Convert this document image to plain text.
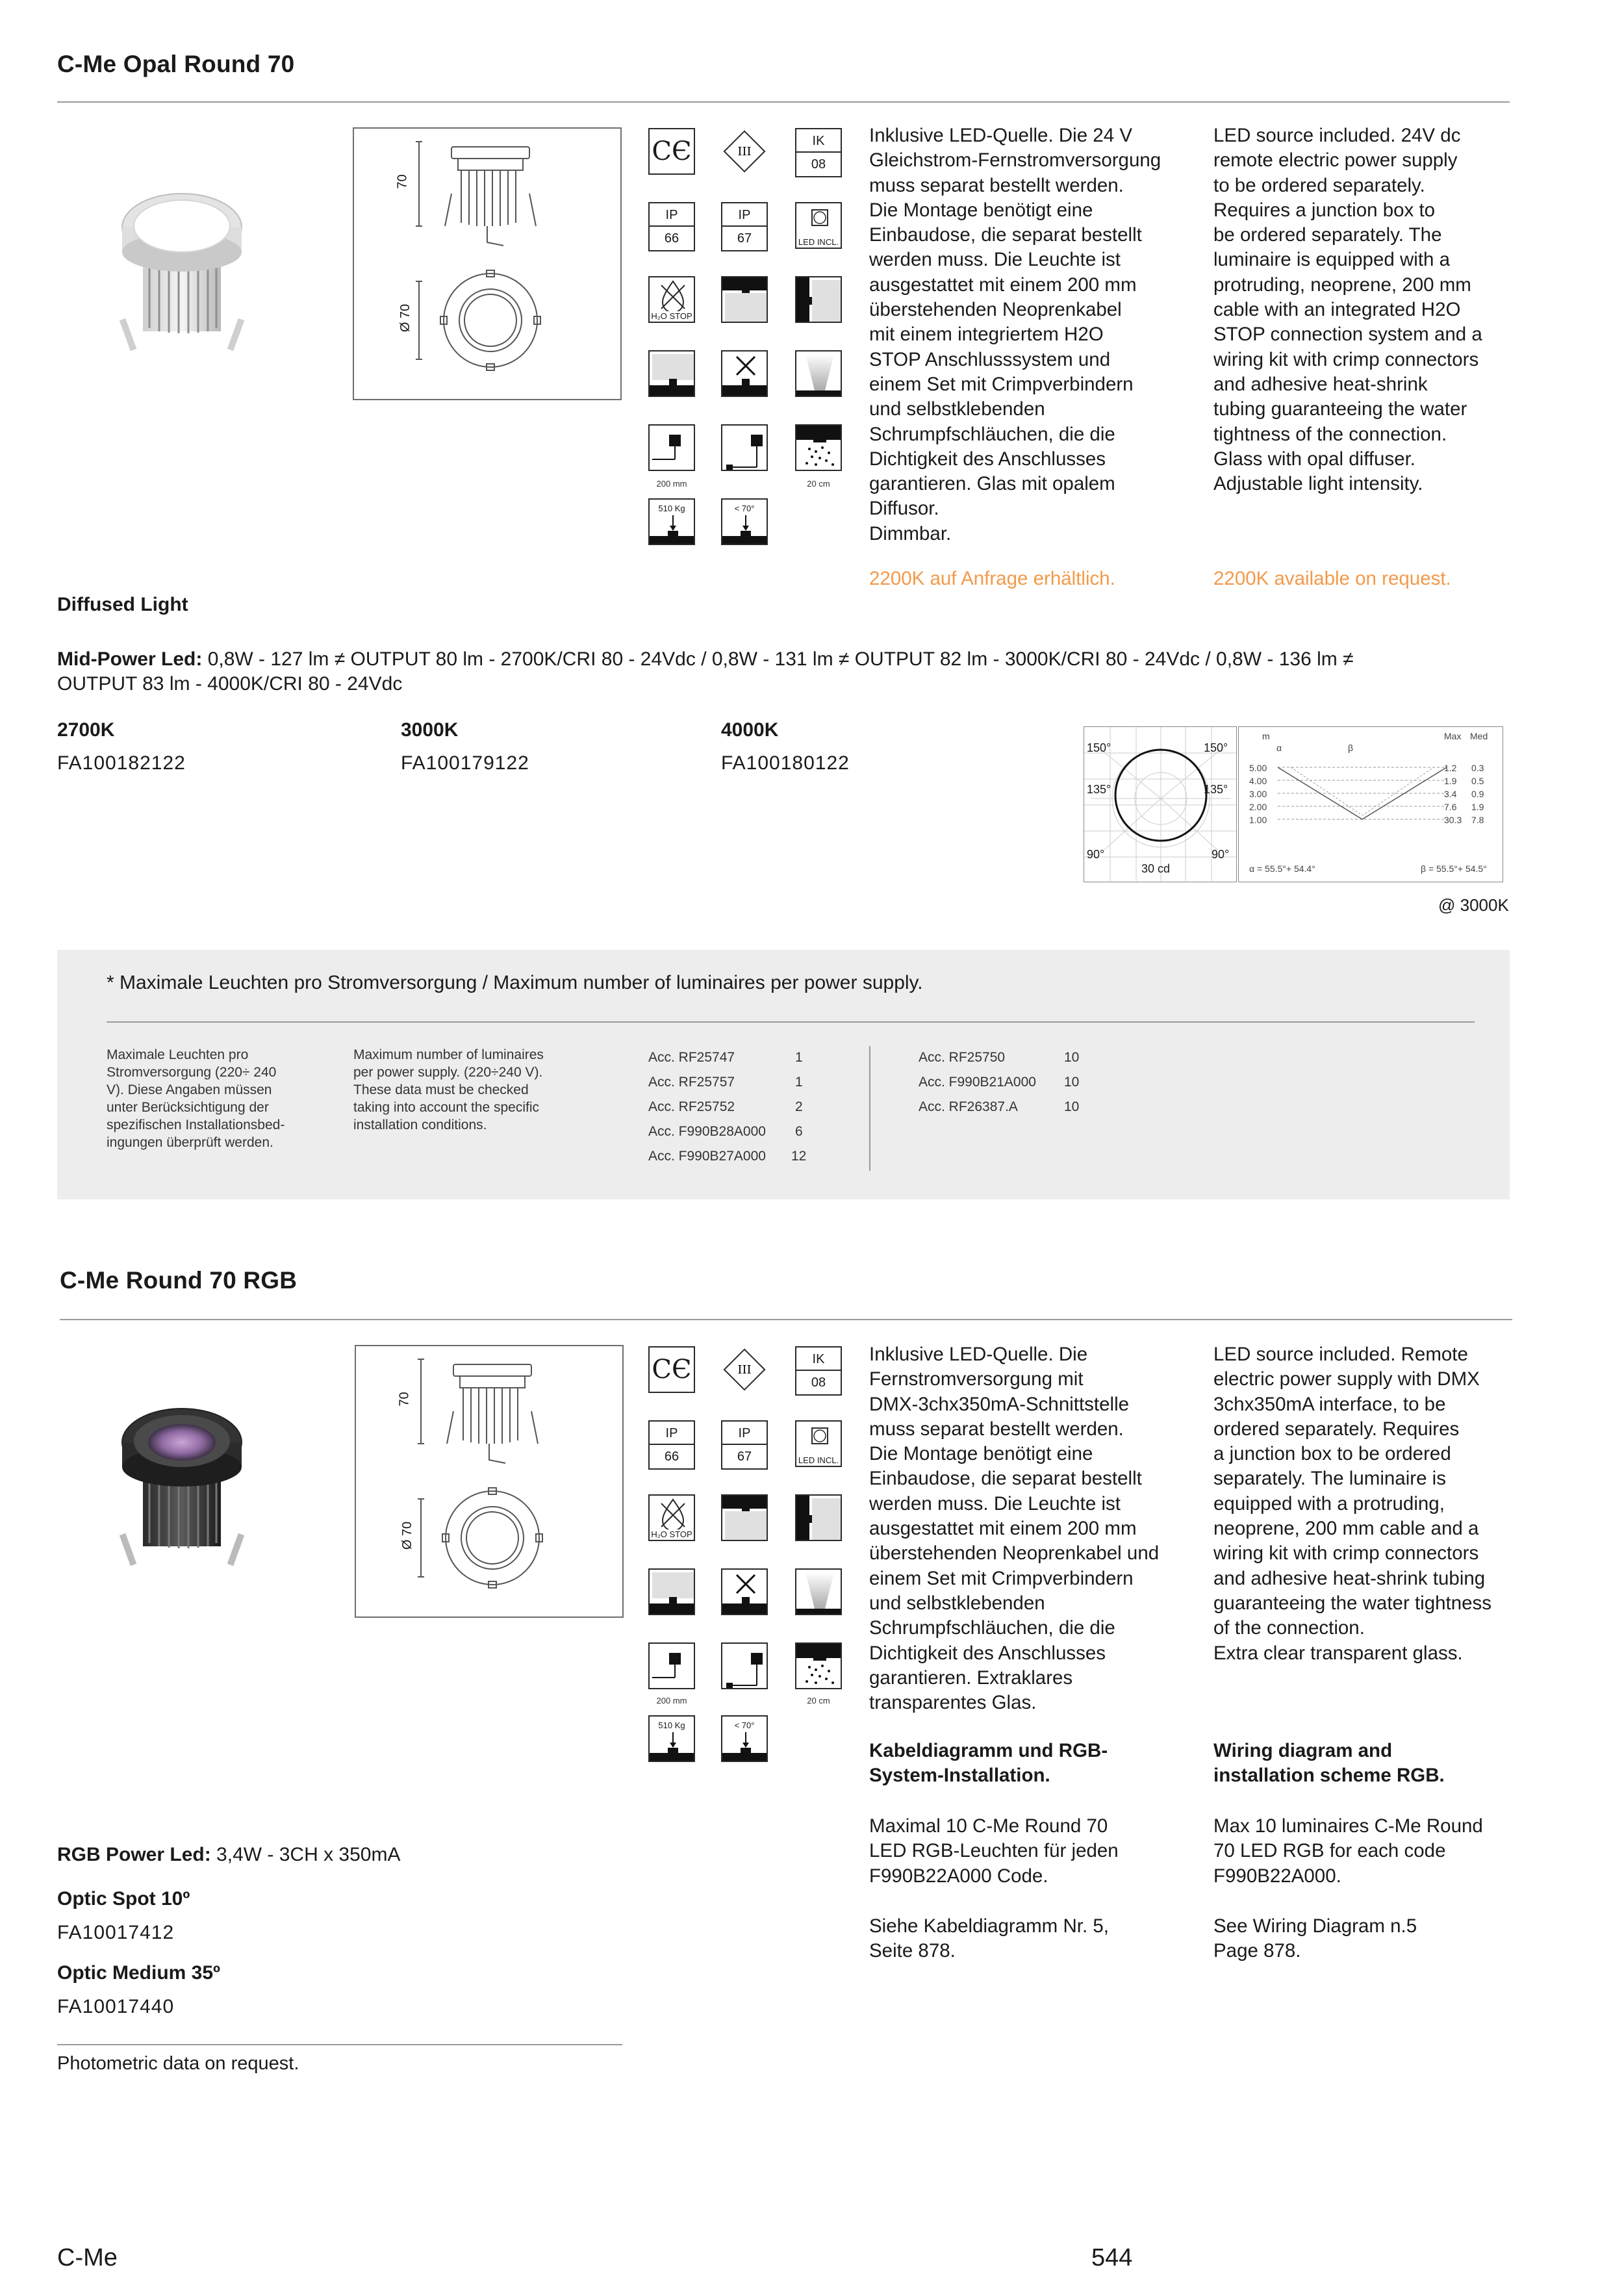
C-Me Opal Round 70
70
Ø 70
CЄ	III
IK
08
IP
66
IP
67	LED INCL.
H₂O STOP
200 mm	20 cm
510 Kg	< 70°
Inklusive LED-Quelle. Die 24 V
Gleichstrom-Fernstromversorgung
muss separat bestellt werden.
Die Montage benötigt eine
Einbaudose, die separat bestellt
werden muss. Die Leuchte ist
ausgestattet mit einem 200 mm
überstehenden Neoprenkabel
mit einem integriertem H2O
STOP Anschlusssystem und
einem Set mit Crimpverbindern
und selbstklebenden
Schrumpfschläuchen, die die
Dichtigkeit des Anschlusses
garantieren. Glas mit opalem
Diffusor.
Dimmbar.
LED source included. 24V dc
remote electric power supply
to be ordered separately.
Requires a junction box to
be ordered separately. The
luminaire is equipped with a
protruding, neoprene, 200 mm
cable with an integrated H2O
STOP connection system and a
wiring kit with crimp connectors
and adhesive heat-shrink
tubing guaranteeing the water
tightness of the connection.
Glass with opal diffuser.
Adjustable light intensity.
2200K auf Anfrage erhältlich.	2200K available on request.
Diffused Light
Mid-Power Led: 0,8W - 127 lm ≠ OUTPUT 80 lm - 2700K/CRI 80 - 24Vdc / 0,8W - 131 lm ≠ OUTPUT 82 lm - 3000K/CRI 80 - 24Vdc / 0,8W - 136 lm ≠
OUTPUT 83 lm - 4000K/CRI 80 - 24Vdc
2700K
FA100182122
3000K
FA100179122
4000K
FA100180122
150°	150°
135°	135°
90°	90°
30 cd
m
α	β
Max Med
5.00	1.2 0.3
4.00	1.9 0.5
3.00	3.4 0.9
2.00	7.6 1.9
1.00	30.3 7.8
α = 55.5°+ 54.4°	β = 55.5°+ 54.5°
@ 3000K
* Maximale Leuchten pro Stromversorgung / Maximum number of luminaires per power supply.
Maximale Leuchten pro
Stromversorgung (220÷ 240
V). Diese Angaben müssen
unter Berücksichtigung der
spezifischen Installationsbed-
ingungen überprüft werden.
Maximum number of luminaires
per power supply. (220÷240 V).
These data must be checked
taking into account the specific
installation conditions.
Acc. RF25747	1
Acc. RF25757	1
Acc. RF25752	2
Acc. F990B28A000 6
Acc. F990B27A000 12
Acc. RF25750	10
Acc. F990B21A000 10
Acc. RF26387.A	10
C-Me Round 70 RGB
70
Ø 70
CЄ	III
IK
08
IP
66
IP
67	LED INCL.
H₂O STOP
200 mm	20 cm
510 Kg	< 70°
Inklusive LED-Quelle. Die
Fernstromversorgung mit
DMX-3chx350mA-Schnittstelle
muss separat bestellt werden.
Die Montage benötigt eine
Einbaudose, die separat bestellt
werden muss. Die Leuchte ist
ausgestattet mit einem 200 mm
überstehenden Neoprenkabel und
einem Set mit Crimpverbindern
und selbstklebenden
Schrumpfschläuchen, die die
Dichtigkeit des Anschlusses
garantieren. Extraklares
transparentes Glas.
LED source included. Remote
electric power supply with DMX
3chx350mA interface, to be
ordered separately. Requires
a junction box to be ordered
separately. The luminaire is
equipped with a protruding,
neoprene, 200 mm cable and a
wiring kit with crimp connectors
and adhesive heat-shrink tubing
guaranteeing the water tightness
of the connection.
Extra clear transparent glass.
Kabeldiagramm und RGB-
System-Installation.
Wiring diagram and
installation scheme RGB.
Maximal 10 C-Me Round 70
LED RGB-Leuchten für jeden
F990B22A000 Code.
Max 10 luminaires C-Me Round
70 LED RGB for each code
F990B22A000.
Siehe Kabeldiagramm Nr. 5,
Seite 878.
See Wiring Diagram n.5
Page 878.
RGB Power Led: 3,4W - 3CH x 350mA
Optic Spot 10º
FA10017412
Optic Medium 35º
FA10017440
Photometric data on request.
C-Me	544
